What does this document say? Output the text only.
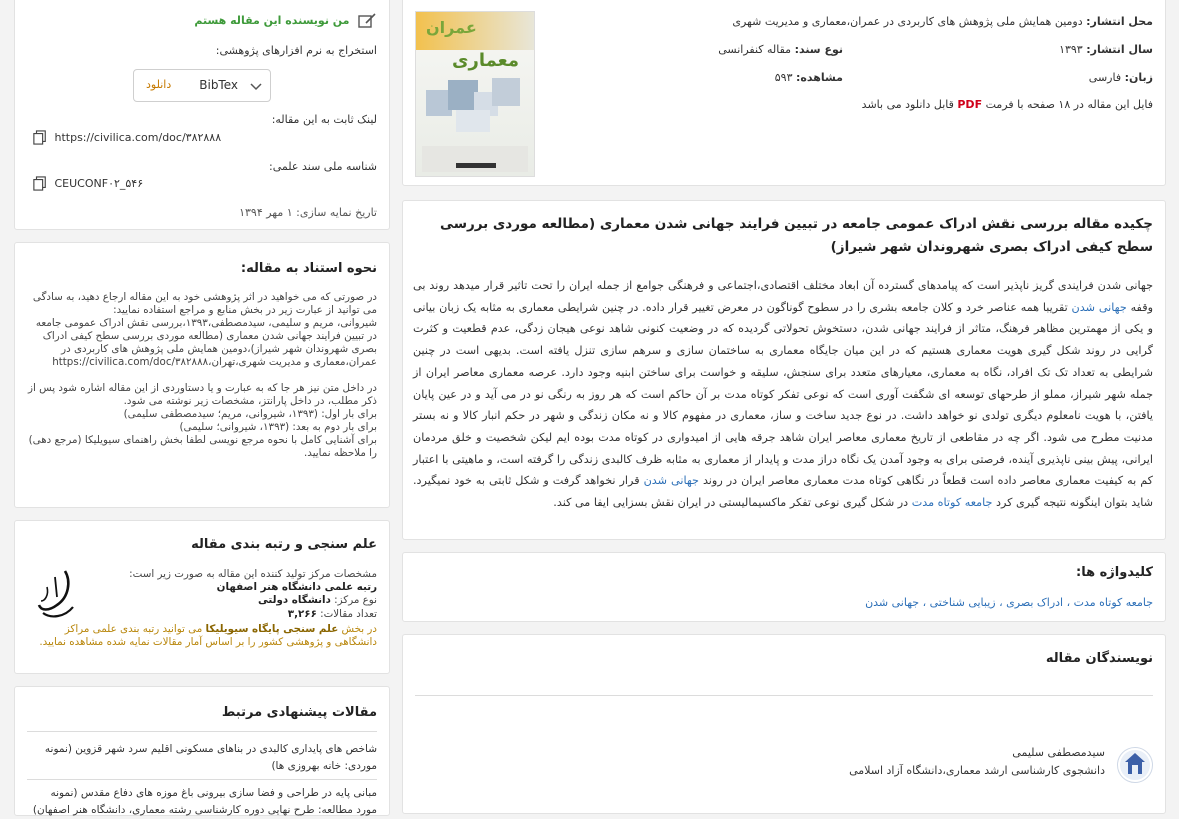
محل انتشار: دومین همایش ملی پژوهش های کاربردی در عمران،معماری و مدیریت شهری
سال انتشار: ۱۳۹۳
نوع سند: مقاله کنفرانسی
زبان: فارسی
مشاهده: ۵۹۳
فایل این مقاله در ۱۸ صفحه با فرمت PDF قابل دانلود می باشد
عمران
معماری
چکیده مقاله بررسی نقش ادراک عمومی جامعه در تبیین فرایند جهانی شدن معماری (مطالعه موردی بررسی سطح کیفی ادراک بصری شهروندان شهر شیراز)

جهانی شدن فرایندی گریز ناپذیر است که پیامدهای گسترده آن ابعاد مختلف اقتصادی،اجتماعی و فرهنگی جوامع از جمله ایران را تحت تاثیر قرار میدهد روند بی وقفه جهانی شدن تقریبا همه عناصر خرد و کلان جامعه بشری را در سطوح گوناگون در معرض تغییر قرار داده. در چنین شرایطی معماری به مثابه یک زبان بیانی و یکی از مهمترین مظاهر فرهنگ، متاثر از فرایند جهانی شدن، دستخوش تحولاتی گردیده که در وضعیت کنونی شاهد نوعی هیجان زدگی، عدم قطعیت و کثرت گرایی در روند شکل گیری هویت معماری هستیم که در این میان جایگاه معماری به ساختمان سازی و سرهم سازی تنزل یافته است. بدیهی است در چنین شرایطی به تعداد تک تک افراد، نگاه به معماری، معیارهای متعدد برای سنجش، سلیقه و خواست برای ساختن ابنیه وجود دارد. عرصه معماری معاصر ایران از جمله شهر شیراز، مملو از طرحهای توسعه ای شگفت آوری است که نوعی تفکر کوتاه مدت بر آن حاکم است که هر روز به رنگی نو در می آید و در عین پایان یافتن، با هویت نامعلوم دیگری تولدی نو خواهد داشت. در نوع جدید ساخت و ساز، معماری در مفهوم کالا و نه مکان زندگی و شهر در حکم انبار کالا و نه بستر مدنیت مطرح می شود. اگر چه در مقاطعی از تاریخ معماری معاصر ایران شاهد جرقه هایی از امیدواری در کوتاه مدت بوده ایم لیکن شخصیت و خلق مردمان ایرانی، پیش بینی ناپذیری آینده، فرصتی برای به وجود آمدن یک نگاه دراز مدت و پایدار از معماری به مثابه ظرف کالبدی زندگی را گرفته است، و ماهیتی با اعتبار کم به کیفیت معماری معاصر داده است قطعاً در نگاهی کوتاه مدت معماری معاصر ایران در روند جهانی شدن قرار نخواهد گرفت و شکل ثابتی به خود نمیگیرد. شاید بتوان اینگونه نتیجه گیری کرد جامعه کوتاه مدت در شکل گیری نوعی تفکر ماکسیمالیستی در ایران نقش بسزایی ایفا می کند.

کلیدواژه ها:
جامعه کوتاه مدت ، ادراک بصری ، زیبایی شناختی ، جهانی شدن
نویسندگان مقاله
سیدمصطفی سلیمی
دانشجوی کارشناسی ارشد معماری،دانشگاه آزاد اسلامی
من نویسنده این مقاله هستم
استخراج به نرم افزارهای پژوهشی:
BibTex
دانلود
لینک ثابت به این مقاله:
https://civilica.com/doc/۳۸۲۸۸۸
شناسه ملی سند علمی:
CEUCONF۰۲_۵۴۶
تاریخ نمایه سازی: ۱ مهر ۱۳۹۴
نحوه استناد به مقاله:
در صورتی که می خواهید در اثر پژوهشی خود به این مقاله ارجاع دهید، به سادگی می توانید از عبارت زیر در بخش منابع و مراجع استفاده نمایید:
شیروانی، مریم و سلیمی، سیدمصطفی،۱۳۹۳،بررسی نقش ادراک عمومی جامعه در تبیین فرایند جهانی شدن معماری (مطالعه موردی بررسی سطح کیفی ادراک بصری شهروندان شهر شیراز)،دومین همایش ملی پژوهش های کاربردی در عمران،معماری و مدیریت شهری،تهران،https://civilica.com/doc/۳۸۲۸۸۸
در داخل متن نیز هر جا که به عبارت و یا دستاوردی از این مقاله اشاره شود پس از ذکر مطلب، در داخل پارانتز، مشخصات زیر نوشته می شود.
برای بار اول: (۱۳۹۳، شیروانی، مریم؛ سیدمصطفی سلیمی)
برای بار دوم به بعد: (۱۳۹۳، شیروانی؛ سلیمی)
برای آشنایی کامل با نحوه مرجع نویسی لطفا بخش راهنمای سیویلیکا (مرجع دهی) را ملاحظه نمایید.
علم سنجی و رتبه بندی مقاله
مشخصات مرکز تولید کننده این مقاله به صورت زیر است:
رتبه علمی دانشگاه هنر اصفهان
نوع مرکز: دانشگاه دولتی
تعداد مقالات: ۳,۲۶۶
در بخش علم سنجی پایگاه سیویلیکا می توانید رتبه بندی علمی مراکز دانشگاهی و پژوهشی کشور را بر اساس آمار مقالات نمایه شده مشاهده نمایید.
مقالات پیشنهادی مرتبط
شاخص های پایداری کالبدی در بناهای مسکونی اقلیم سرد شهر قزوین (نمونه موردی: خانه بهروزی ها)
مبانی پایه در طراحی و فضا سازی بیرونی باغ موزه های دفاع مقدس (نمونه مورد مطالعه: طرح نهایی دوره کارشناسی رشته معماری، دانشگاه هنر اصفهان)
